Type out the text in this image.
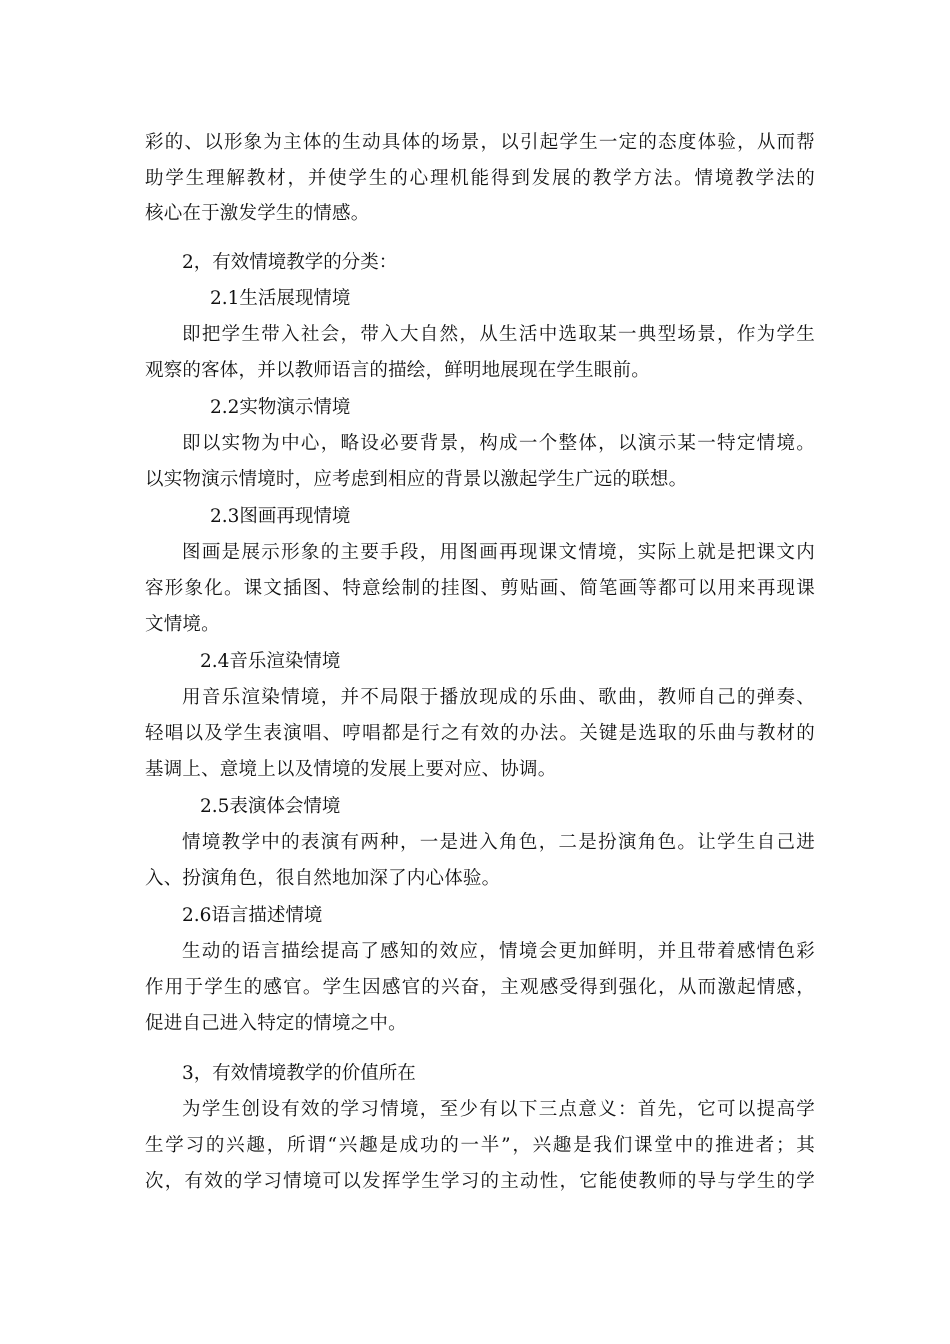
彩的、以形象为主体的生动具体的场景，以引起学生一定的态度体验，从而帮
助学生理解教材，并使学生的心理机能得到发展的教学方法。情境教学法的
核心在于激发学生的情感。
2，有效情境教学的分类：
2.1生活展现情境
即把学生带入社会，带入大自然，从生活中选取某一典型场景，作为学生
观察的客体，并以教师语言的描绘，鲜明地展现在学生眼前。
2.2实物演示情境
即以实物为中心，略设必要背景，构成一个整体，以演示某一特定情境。
以实物演示情境时，应考虑到相应的背景以激起学生广远的联想。
2.3图画再现情境
图画是展示形象的主要手段，用图画再现课文情境，实际上就是把课文内
容形象化。课文插图、特意绘制的挂图、剪贴画、简笔画等都可以用来再现课
文情境。
2.4音乐渲染情境
用音乐渲染情境，并不局限于播放现成的乐曲、歌曲，教师自己的弹奏、
轻唱以及学生表演唱、哼唱都是行之有效的办法。关键是选取的乐曲与教材的
基调上、意境上以及情境的发展上要对应、协调。
2.5表演体会情境
情境教学中的表演有两种，一是进入角色，二是扮演角色。让学生自己进
入、扮演角色，很自然地加深了内心体验。
2.6语言描述情境
生动的语言描绘提高了感知的效应，情境会更加鲜明，并且带着感情色彩
作用于学生的感官。学生因感官的兴奋，主观感受得到强化，从而激起情感，
促进自己进入特定的情境之中。
3，有效情境教学的价值所在
为学生创设有效的学习情境，至少有以下三点意义：首先，它可以提高学
生学习的兴趣，所谓“兴趣是成功的一半”，兴趣是我们课堂中的推进者；其
次，有效的学习情境可以发挥学生学习的主动性，它能使教师的导与学生的学
